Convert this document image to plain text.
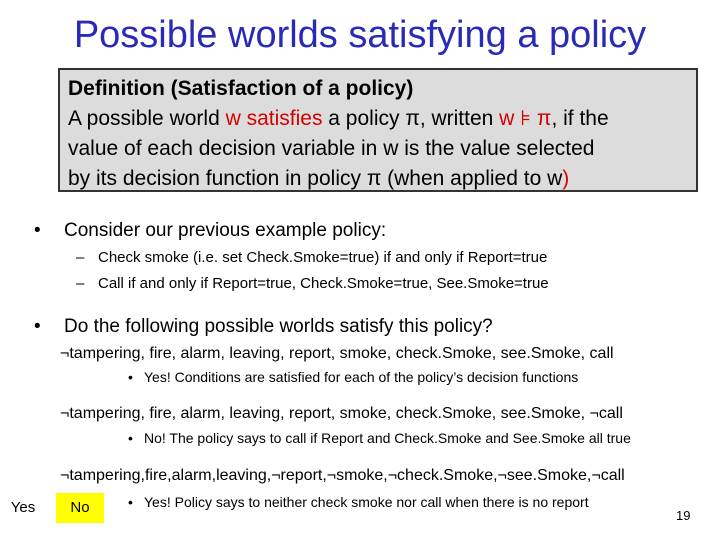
Possible worlds satisfying a policy
Definition (Satisfaction of a policy)
A possible world w satisfies a policy π, written w ⊧ π, if the
value of each decision variable in w is the value selected
by its decision function in policy π (when applied to w)
• Consider our previous example policy:
– Check smoke (i.e. set Check.Smoke=true) if and only if Report=true
– Call if and only if Report=true, Check.Smoke=true, See.Smoke=true
• Do the following possible worlds satisfy this policy?
¬tampering, fire, alarm, leaving, report, smoke, check.Smoke, see.Smoke, call
• Yes! Conditions are satisfied for each of the policy’s decision functions
¬tampering, fire, alarm, leaving, report, smoke, check.Smoke, see.Smoke, ¬call
• No! The policy says to call if Report and Check.Smoke and See.Smoke all true
¬tampering,fire,alarm,leaving,¬report,¬smoke,¬check.Smoke,¬see.Smoke,¬call
Yes	No	• Yes! Policy says to neither check smoke nor call when there is no report
19
